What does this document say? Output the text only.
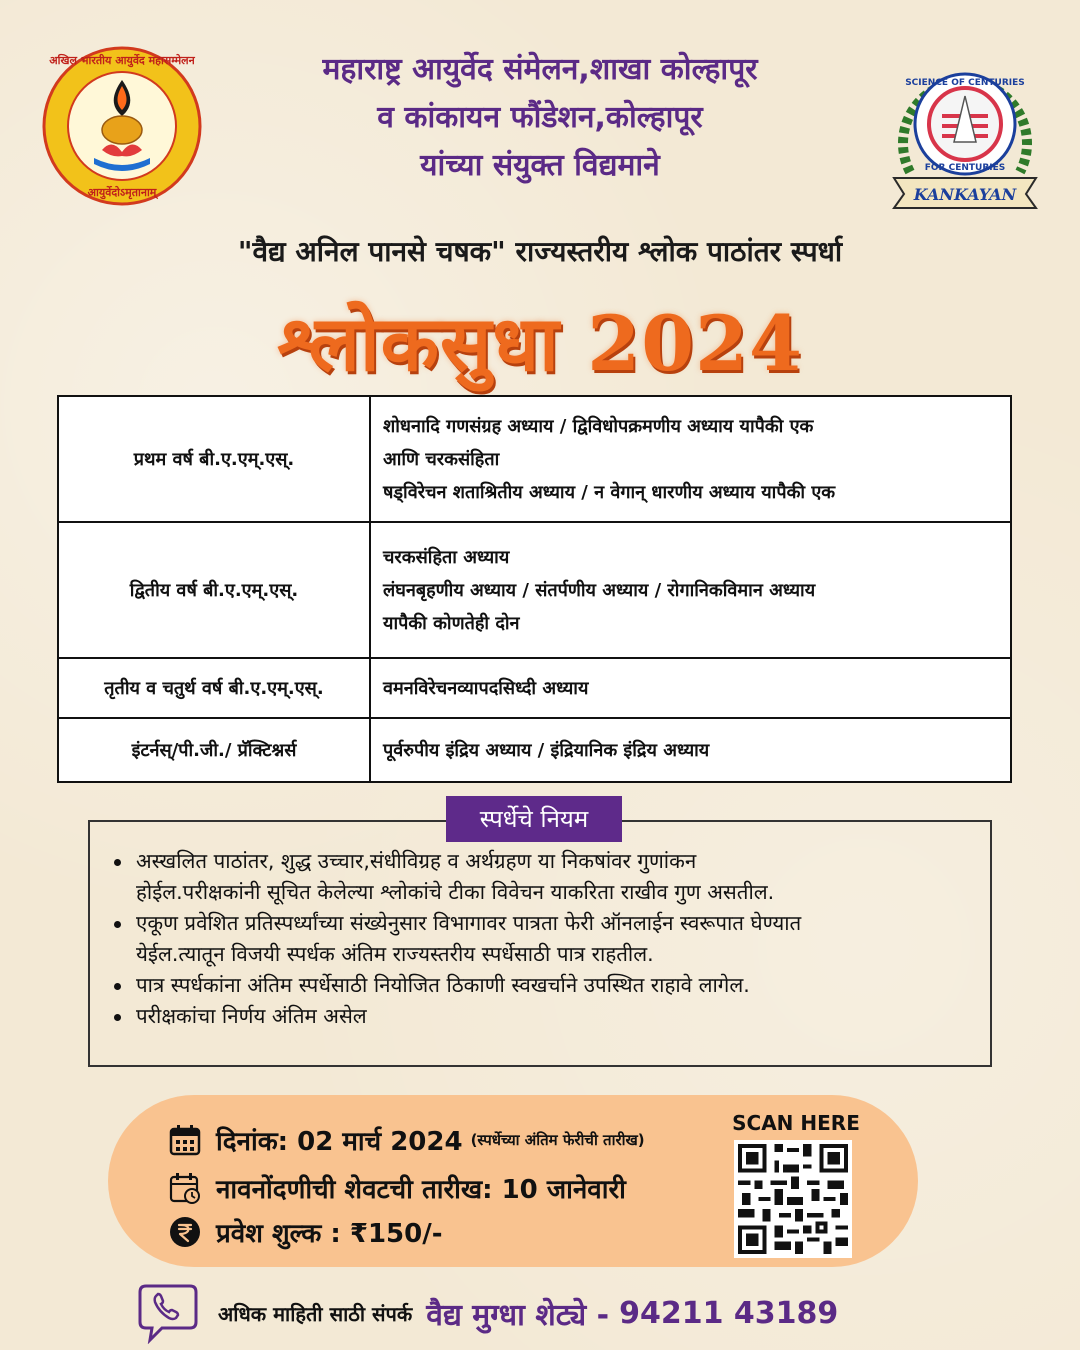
अखिल भारतीय आयुर्वेद महासम्मेलन
आयुर्वेदोऽमृतानाम्
महाराष्ट्र आयुर्वेद संमेलन,शाखा कोल्हापूर
व कांकायन फौंडेशन,कोल्हापूर
यांच्या संयुक्त विद्यमाने
SCIENCE OF CENTURIES
FOR CENTURIES
KANKAYAN
"वैद्य अनिल पानसे चषक" राज्यस्तरीय श्लोक पाठांतर स्पर्धा
श्लोकसुधा 2024
प्रथम वर्ष बी.ए.एम्.एस्.	शोधनादि गणसंग्रह अध्याय / द्विविधोपक्रमणीय अध्याय यापैकी एक
आणि चरकसंहिता
षड्विरेचन शताश्रितीय अध्याय / न वेगान् धारणीय अध्याय यापैकी एक

द्वितीय वर्ष बी.ए.एम्.एस्.	चरकसंहिता अध्याय
लंघनबृहणीय अध्याय / संतर्पणीय अध्याय / रोगानिकविमान अध्याय
यापैकी कोणतेही दोन

तृतीय व चतुर्थ वर्ष बी.ए.एम्.एस्.	वमनविरेचनव्यापदसिध्दी अध्याय

इंटर्नस्/पी.जी./ प्रॅक्टिश्नर्स	पूर्वरुपीय इंद्रिय अध्याय / इंद्रियानिक इंद्रिय अध्याय
स्पर्धेचे नियम
अस्खलित पाठांतर, शुद्ध उच्चार,संधीविग्रह व अर्थग्रहण या निकषांवर गुणांकन
होईल.परीक्षकांनी सूचित केलेल्या श्लोकांचे टीका विवेचन याकरिता राखीव गुण असतील.
एकूण प्रवेशित प्रतिस्पर्ध्यांच्या संख्येनुसार विभागावर पात्रता फेरी ऑनलाईन स्वरूपात घेण्यात
येईल.त्यातून विजयी स्पर्धक अंतिम राज्यस्तरीय स्पर्धेसाठी पात्र राहतील.
पात्र स्पर्धकांना अंतिम स्पर्धेसाठी नियोजित ठिकाणी स्वखर्चाने उपस्थित राहावे लागेल.
परीक्षकांचा निर्णय अंतिम असेल
दिनांक: 02 मार्च 2024 (स्पर्धेच्या अंतिम फेरीची तारीख)
नावनोंदणीची शेवटची तारीख: 10 जानेवारी
प्रवेश शुल्क : ₹150/-
SCAN HERE
अधिक माहिती साठी संपर्क वैद्य मुग्धा शेट्ये - 94211 43189
